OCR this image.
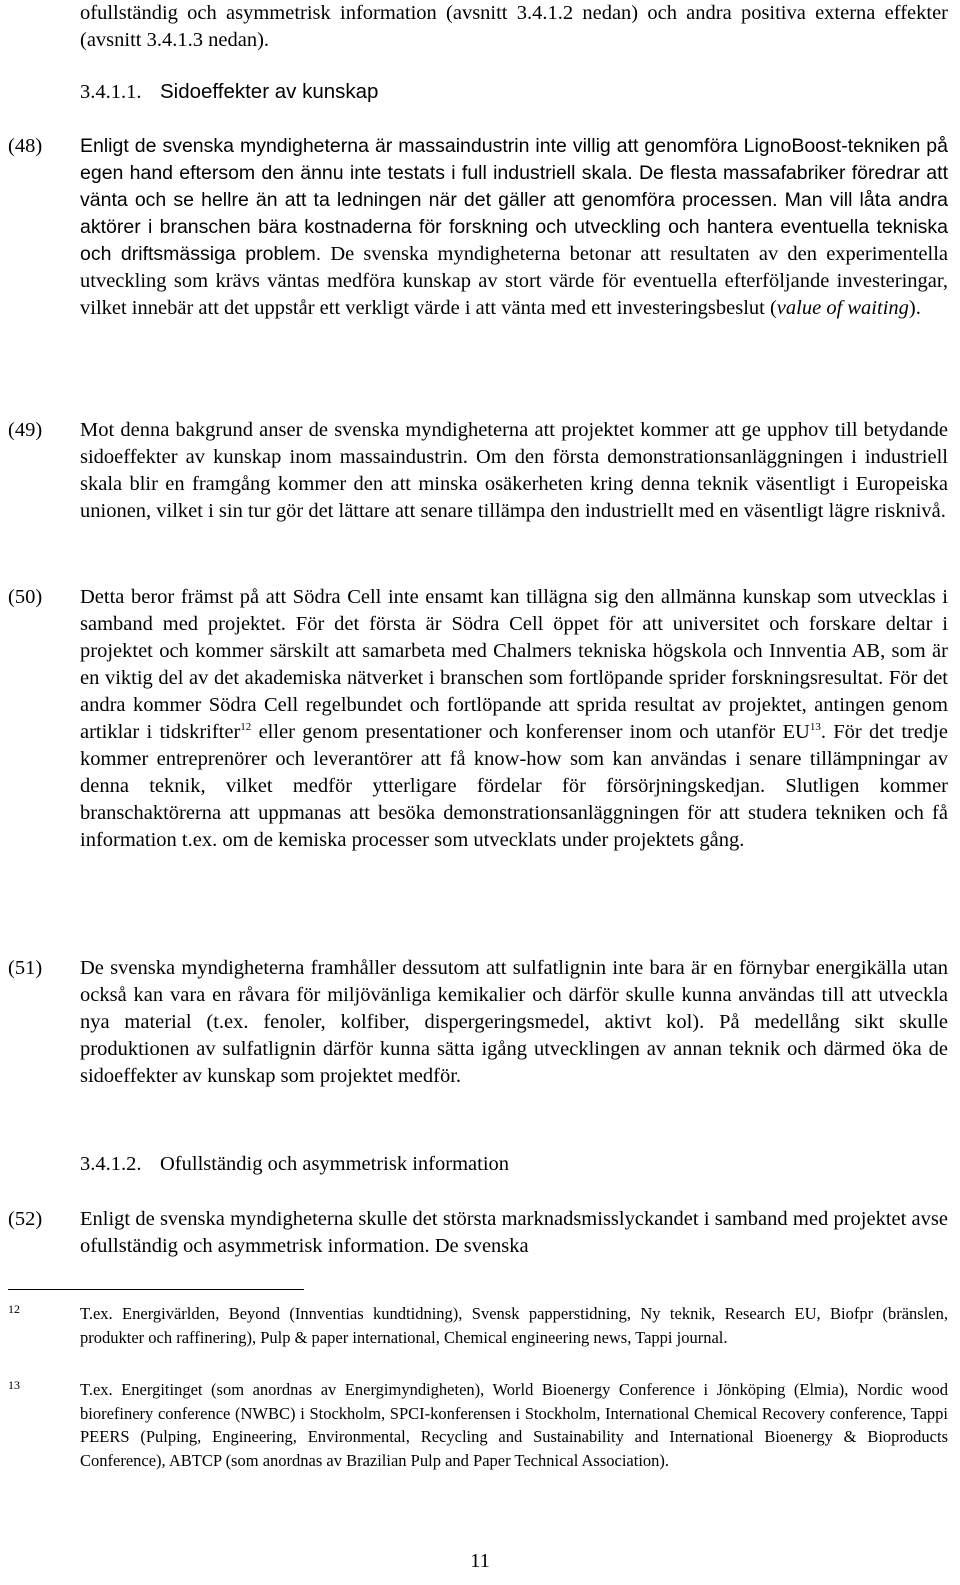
ofullständig och asymmetrisk information (avsnitt 3.4.1.2 nedan) och andra positiva externa effekter (avsnitt 3.4.1.3 nedan).
3.4.1.1. Sidoeffekter av kunskap
(48) Enligt de svenska myndigheterna är massaindustrin inte villig att genomföra LignoBoost-tekniken på egen hand eftersom den ännu inte testats i full industriell skala. De flesta massafabriker föredrar att vänta och se hellre än att ta ledningen när det gäller att genomföra processen. Man vill låta andra aktörer i branschen bära kostnaderna för forskning och utveckling och hantera eventuella tekniska och driftsmässiga problem. De svenska myndigheterna betonar att resultaten av den experimentella utveckling som krävs väntas medföra kunskap av stort värde för eventuella efterföljande investeringar, vilket innebär att det uppstår ett verkligt värde i att vänta med ett investeringsbeslut (value of waiting).
(49) Mot denna bakgrund anser de svenska myndigheterna att projektet kommer att ge upphov till betydande sidoeffekter av kunskap inom massaindustrin. Om den första demonstrationsanläggningen i industriell skala blir en framgång kommer den att minska osäkerheten kring denna teknik väsentligt i Europeiska unionen, vilket i sin tur gör det lättare att senare tillämpa den industriellt med en väsentligt lägre risknivå.
(50) Detta beror främst på att Södra Cell inte ensamt kan tillägna sig den allmänna kunskap som utvecklas i samband med projektet. För det första är Södra Cell öppet för att universitet och forskare deltar i projektet och kommer särskilt att samarbeta med Chalmers tekniska högskola och Innventia AB, som är en viktig del av det akademiska nätverket i branschen som fortlöpande sprider forskningsresultat. För det andra kommer Södra Cell regelbundet och fortlöpande att sprida resultat av projektet, antingen genom artiklar i tidskrifter$^{12}$ eller genom presentationer och konferenser inom och utanför EU$^{13}$. För det tredje kommer entreprenörer och leverantörer att få know-how som kan användas i senare tillämpningar av denna teknik, vilket medför ytterligare fördelar för försörjningskedjan. Slutligen kommer branschaktörerna att uppmanas att besöka demonstrationsanläggningen för att studera tekniken och få information t.ex. om de kemiska processer som utvecklats under projektets gång.
(51) De svenska myndigheterna framhåller dessutom att sulfatlignin inte bara är en förnybar energikälla utan också kan vara en råvara för miljövänliga kemikalier och därför skulle kunna användas till att utveckla nya material (t.ex. fenoler, kolfiber, dispergeringsmedel, aktivt kol). På medellång sikt skulle produktionen av sulfatlignin därför kunna sätta igång utvecklingen av annan teknik och därmed öka de sidoeffekter av kunskap som projektet medför.
3.4.1.2. Ofullständig och asymmetrisk information
(52) Enligt de svenska myndigheterna skulle det största marknadsmisslyckandet i samband med projektet avse ofullständig och asymmetrisk information. De svenska
12	T.ex. Energivärlden, Beyond (Innventias kundtidning), Svensk papperstidning, Ny teknik, Research EU, Biofpr (bränslen, produkter och raffinering), Pulp & paper international, Chemical engineering news, Tappi journal.
13	T.ex. Energitinget (som anordnas av Energimyndigheten), World Bioenergy Conference i Jönköping (Elmia), Nordic wood biorefinery conference (NWBC) i Stockholm, SPCI-konferensen i Stockholm, International Chemical Recovery conference, Tappi PEERS (Pulping, Engineering, Environmental, Recycling and Sustainability and International Bioenergy & Bioproducts Conference), ABTCP (som anordnas av Brazilian Pulp and Paper Technical Association).
11
